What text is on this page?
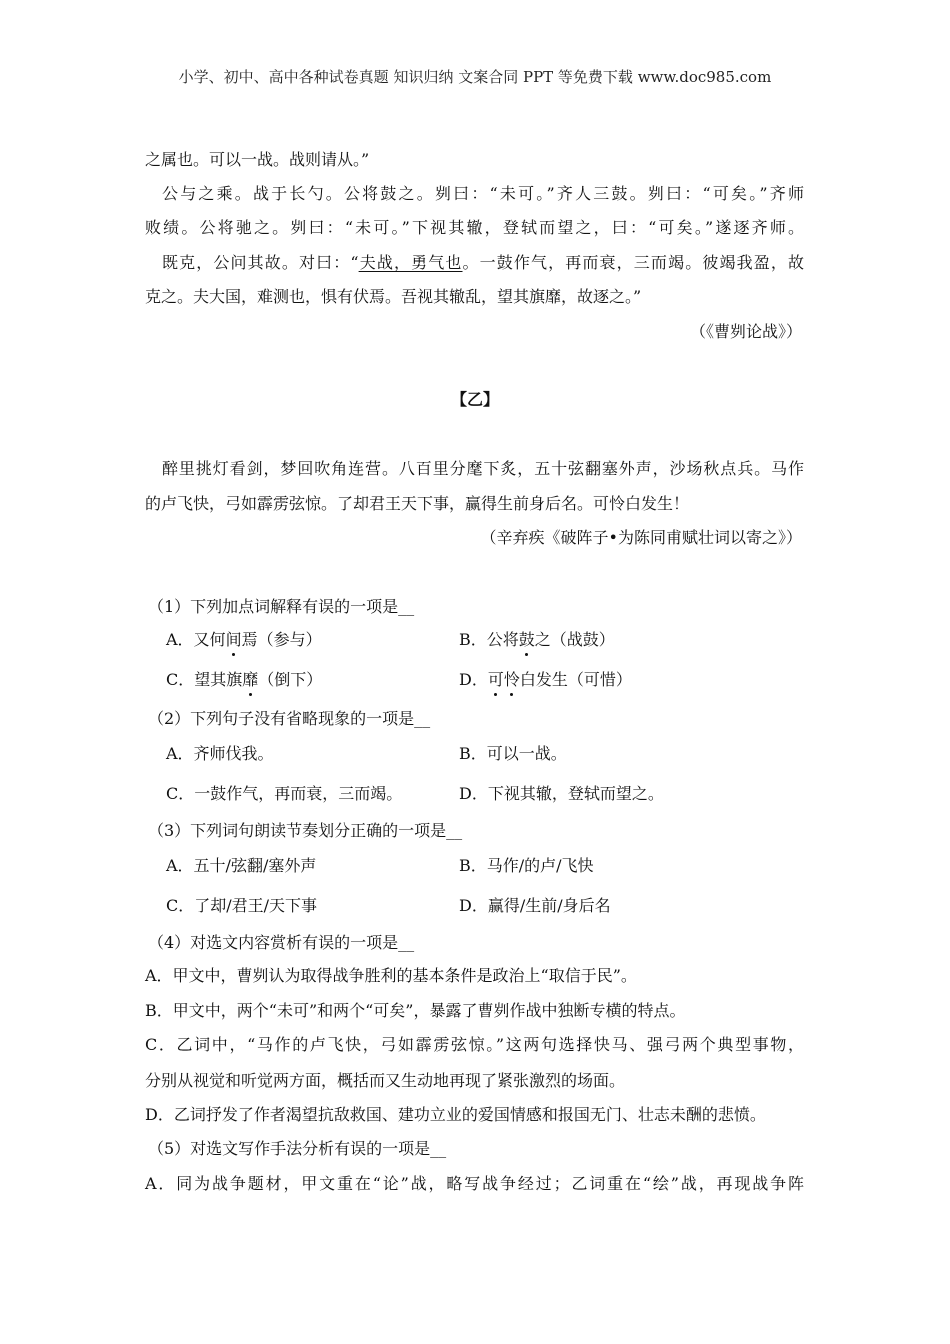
小学、初中、高中各种试卷真题 知识归纳 文案合同 PPT 等免费下载 www.doc985.com
之属也。可以一战。战则请从。”
公与之乘。战于长勺。公将鼓之。刿曰：“未可。”齐人三鼓。刿曰：“可矣。”齐师
败绩。公将驰之。刿曰：“未可。”下视其辙，登轼而望之，曰：“可矣。”遂逐齐师。
既克，公问其故。对曰：“夫战，勇气也。一鼓作气，再而衰，三而竭。彼竭我盈，故
克之。夫大国，难测也，惧有伏焉。吾视其辙乱，望其旗靡，故逐之。”
（《曹刿论战》）
【乙】
醉里挑灯看剑，梦回吹角连营。八百里分麾下炙，五十弦翻塞外声，沙场秋点兵。马作
的卢飞快，弓如霹雳弦惊。了却君王天下事，赢得生前身后名。可怜白发生！
（辛弃疾《破阵子•为陈同甫赋壮词以寄之》）
（1）下列加点词解释有误的一项是__
A．又何间焉（参与）	B．公将鼓之（战鼓）
C．望其旗靡（倒下）	D．可怜白发生（可惜）
（2）下列句子没有省略现象的一项是__
A．齐师伐我。	B．可以一战。
C．一鼓作气，再而衰，三而竭。	D．下视其辙，登轼而望之。
（3）下列词句朗读节奏划分正确的一项是__
A．五十/弦翻/塞外声	B．马作/的卢/飞快
C．了却/君王/天下事	D．赢得/生前/身后名
（4）对选文内容赏析有误的一项是__
A．甲文中，曹刿认为取得战争胜利的基本条件是政治上“取信于民”。
B．甲文中，两个“未可”和两个“可矣”，暴露了曹刿作战中独断专横的特点。
C．乙词中，“马作的卢飞快，弓如霹雳弦惊。”这两句选择快马、强弓两个典型事物，
分别从视觉和听觉两方面，概括而又生动地再现了紧张激烈的场面。
D．乙词抒发了作者渴望抗敌救国、建功立业的爱国情感和报国无门、壮志未酬的悲愤。
（5）对选文写作手法分析有误的一项是__
A．同为战争题材，甲文重在“论”战，略写战争经过；乙词重在“绘”战，再现战争阵
